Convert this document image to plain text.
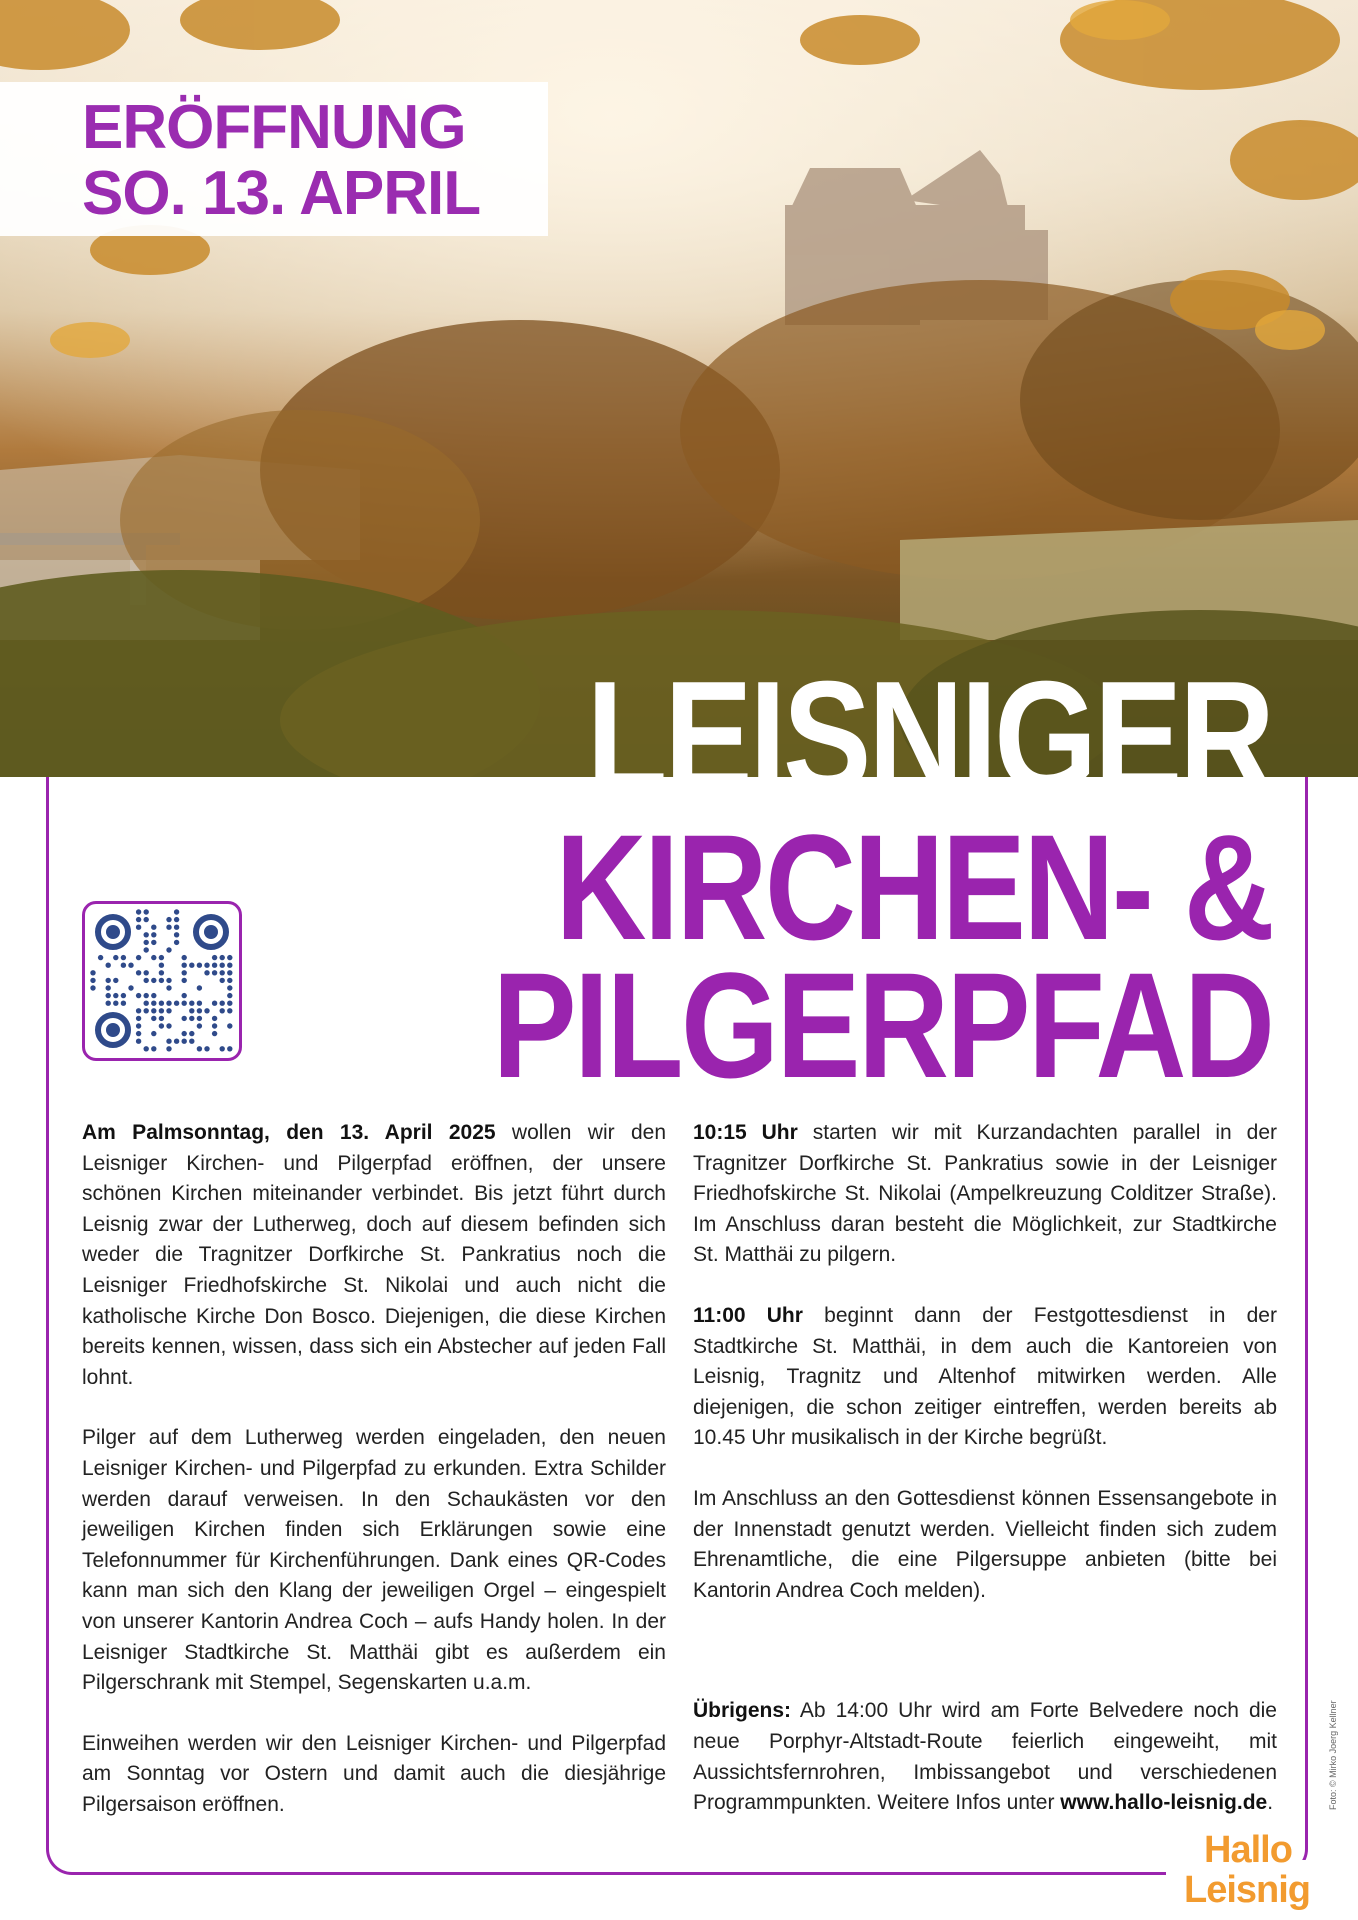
ERÖFFNUNG
SO. 13. APRIL
LEISNIGER
KIRCHEN- &
PILGERPFAD

Am Palmsonntag, den 13. April 2025 wollen wir den Leisniger Kirchen- und Pilgerpfad eröffnen, der unsere schönen Kirchen miteinander verbindet. Bis jetzt führt durch Leisnig zwar der Lutherweg, doch auf diesem befinden sich weder die Tragnitzer Dorfkirche St. Pankratius noch die Leisniger Friedhofskirche St. Nikolai und auch nicht die katholische Kirche Don Bosco. Diejenigen, die diese Kirchen bereits kennen, wissen, dass sich ein Abstecher auf jeden Fall lohnt.

Pilger auf dem Lutherweg werden eingeladen, den neuen Leisniger Kirchen- und Pilgerpfad zu erkunden. Extra Schilder werden darauf verweisen. In den Schaukästen vor den jeweiligen Kirchen finden sich Erklärungen sowie eine Telefonnummer für Kirchenführungen. Dank eines QR-Codes kann man sich den Klang der jeweiligen Orgel – eingespielt von unserer Kantorin Andrea Coch – aufs Handy holen. In der Leisniger Stadtkirche St. Matthäi gibt es außerdem ein Pilgerschrank mit Stempel, Segenskarten u.a.m.

Einweihen werden wir den Leisniger Kirchen- und Pilgerpfad am Sonntag vor Ostern und damit auch die diesjährige Pilgersaison eröffnen.

10:15 Uhr starten wir mit Kurzandachten parallel in der Tragnitzer Dorfkirche St. Pankratius sowie in der Leisniger Friedhofskirche St. Nikolai (Ampelkreuzung Colditzer Straße). Im Anschluss daran besteht die Möglichkeit, zur Stadtkirche St. Matthäi zu pilgern.

11:00 Uhr beginnt dann der Festgottesdienst in der Stadtkirche St. Matthäi, in dem auch die Kantoreien von Leisnig, Tragnitz und Altenhof mitwirken werden. Alle diejenigen, die schon zeitiger eintreffen, werden bereits ab 10.45 Uhr musikalisch in der Kirche begrüßt.

Im Anschluss an den Gottesdienst können Essensangebote in der Innenstadt genutzt werden. Vielleicht finden sich zudem Ehrenamtliche, die eine Pilgersuppe anbieten (bitte bei Kantorin Andrea Coch melden).

Übrigens: Ab 14:00 Uhr wird am Forte Belvedere noch die neue Porphyr-Altstadt-Route feierlich eingeweiht, mit Aussichtsfernrohren, Imbissangebot und verschiedenen Programmpunkten. Weitere Infos unter www.hallo-leisnig.de.	Foto: © Mirko Joerg Kellner
Hallo
Leisnig
